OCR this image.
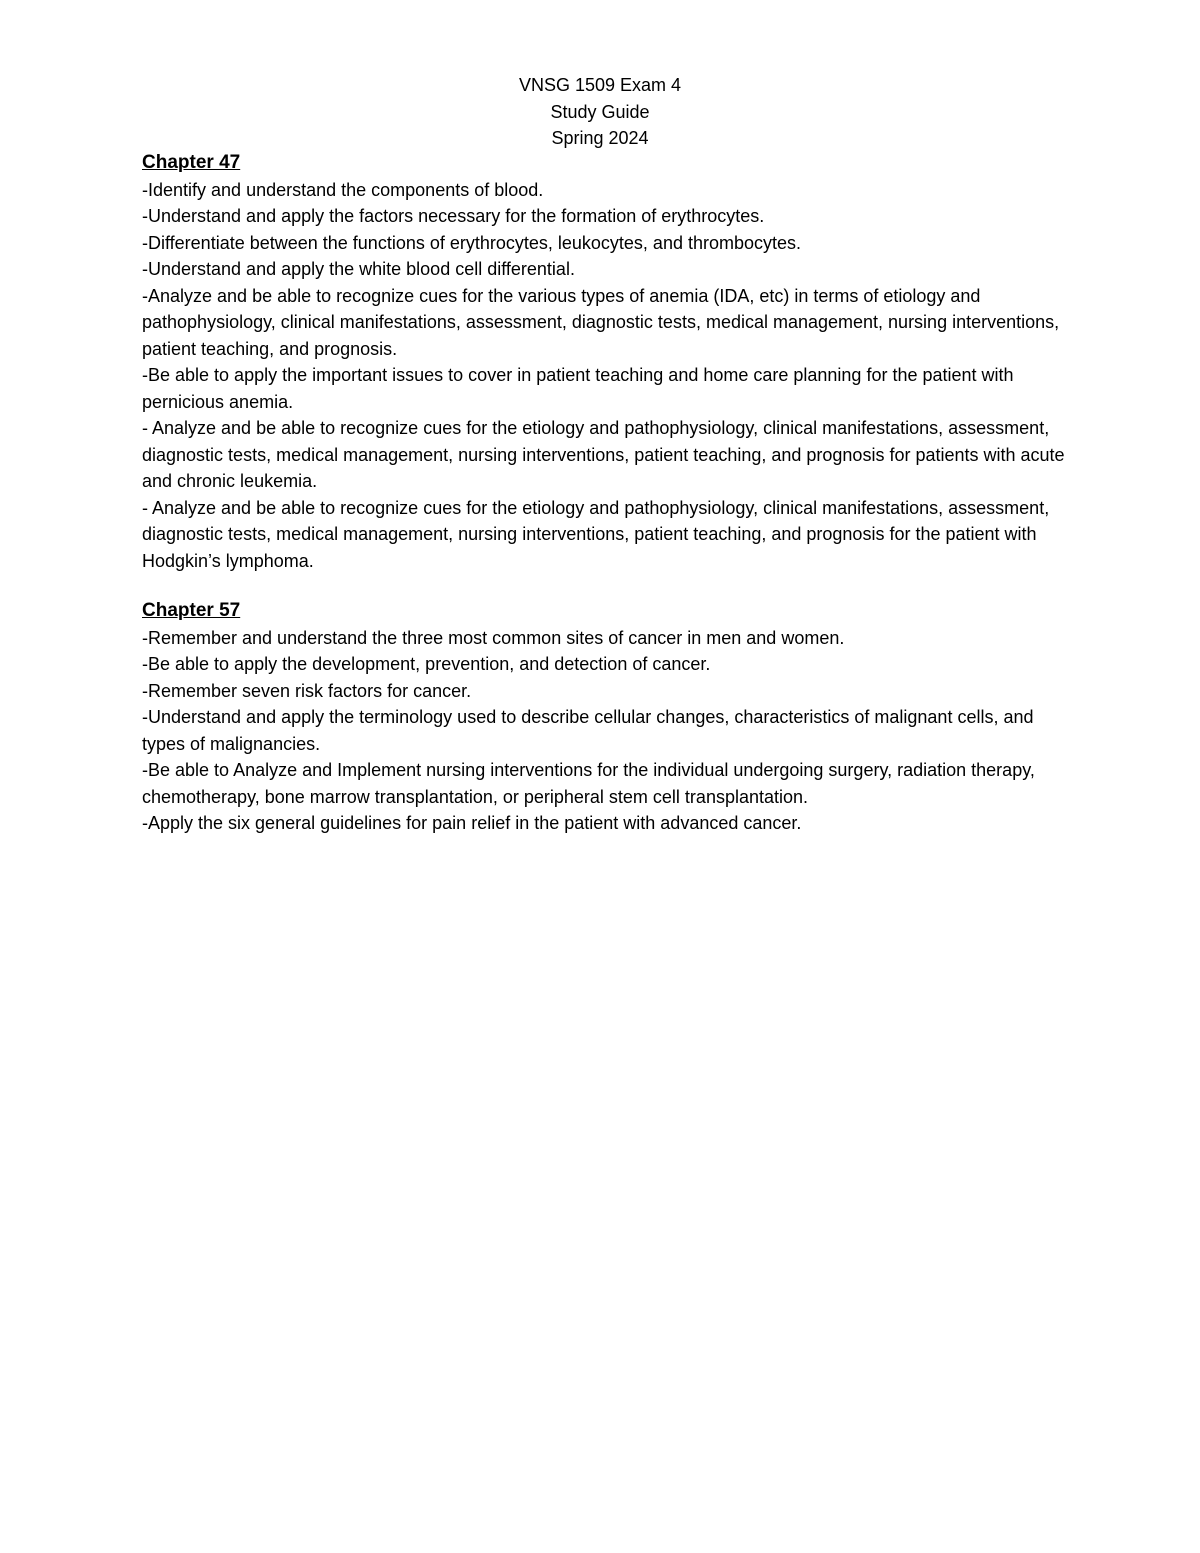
VNSG 1509 Exam 4
Study Guide
Spring 2024
Chapter 47
-Identify and understand the components of blood.
-Understand and apply the factors necessary for the formation of erythrocytes.
-Differentiate between the functions of erythrocytes, leukocytes, and thrombocytes.
-Understand and apply the white blood cell differential.
-Analyze and be able to recognize cues for the various types of anemia (IDA, etc) in terms of etiology and pathophysiology, clinical manifestations, assessment, diagnostic tests, medical management, nursing interventions, patient teaching, and prognosis.
-Be able to apply the important issues to cover in patient teaching and home care planning for the patient with pernicious anemia.
- Analyze and be able to recognize cues for the etiology and pathophysiology, clinical manifestations, assessment, diagnostic tests, medical management, nursing interventions, patient teaching, and prognosis for patients with acute and chronic leukemia.
- Analyze and be able to recognize cues for the etiology and pathophysiology, clinical manifestations, assessment, diagnostic tests, medical management, nursing interventions, patient teaching, and prognosis for the patient with Hodgkin’s lymphoma.
Chapter 57
-Remember and understand the three most common sites of cancer in men and women.
-Be able to apply the development, prevention, and detection of cancer.
-Remember seven risk factors for cancer.
-Understand and apply the terminology used to describe cellular changes, characteristics of malignant cells, and types of malignancies.
-Be able to Analyze and Implement nursing interventions for the individual undergoing surgery, radiation therapy, chemotherapy, bone marrow transplantation, or peripheral stem cell transplantation.
-Apply the six general guidelines for pain relief in the patient with advanced cancer.
